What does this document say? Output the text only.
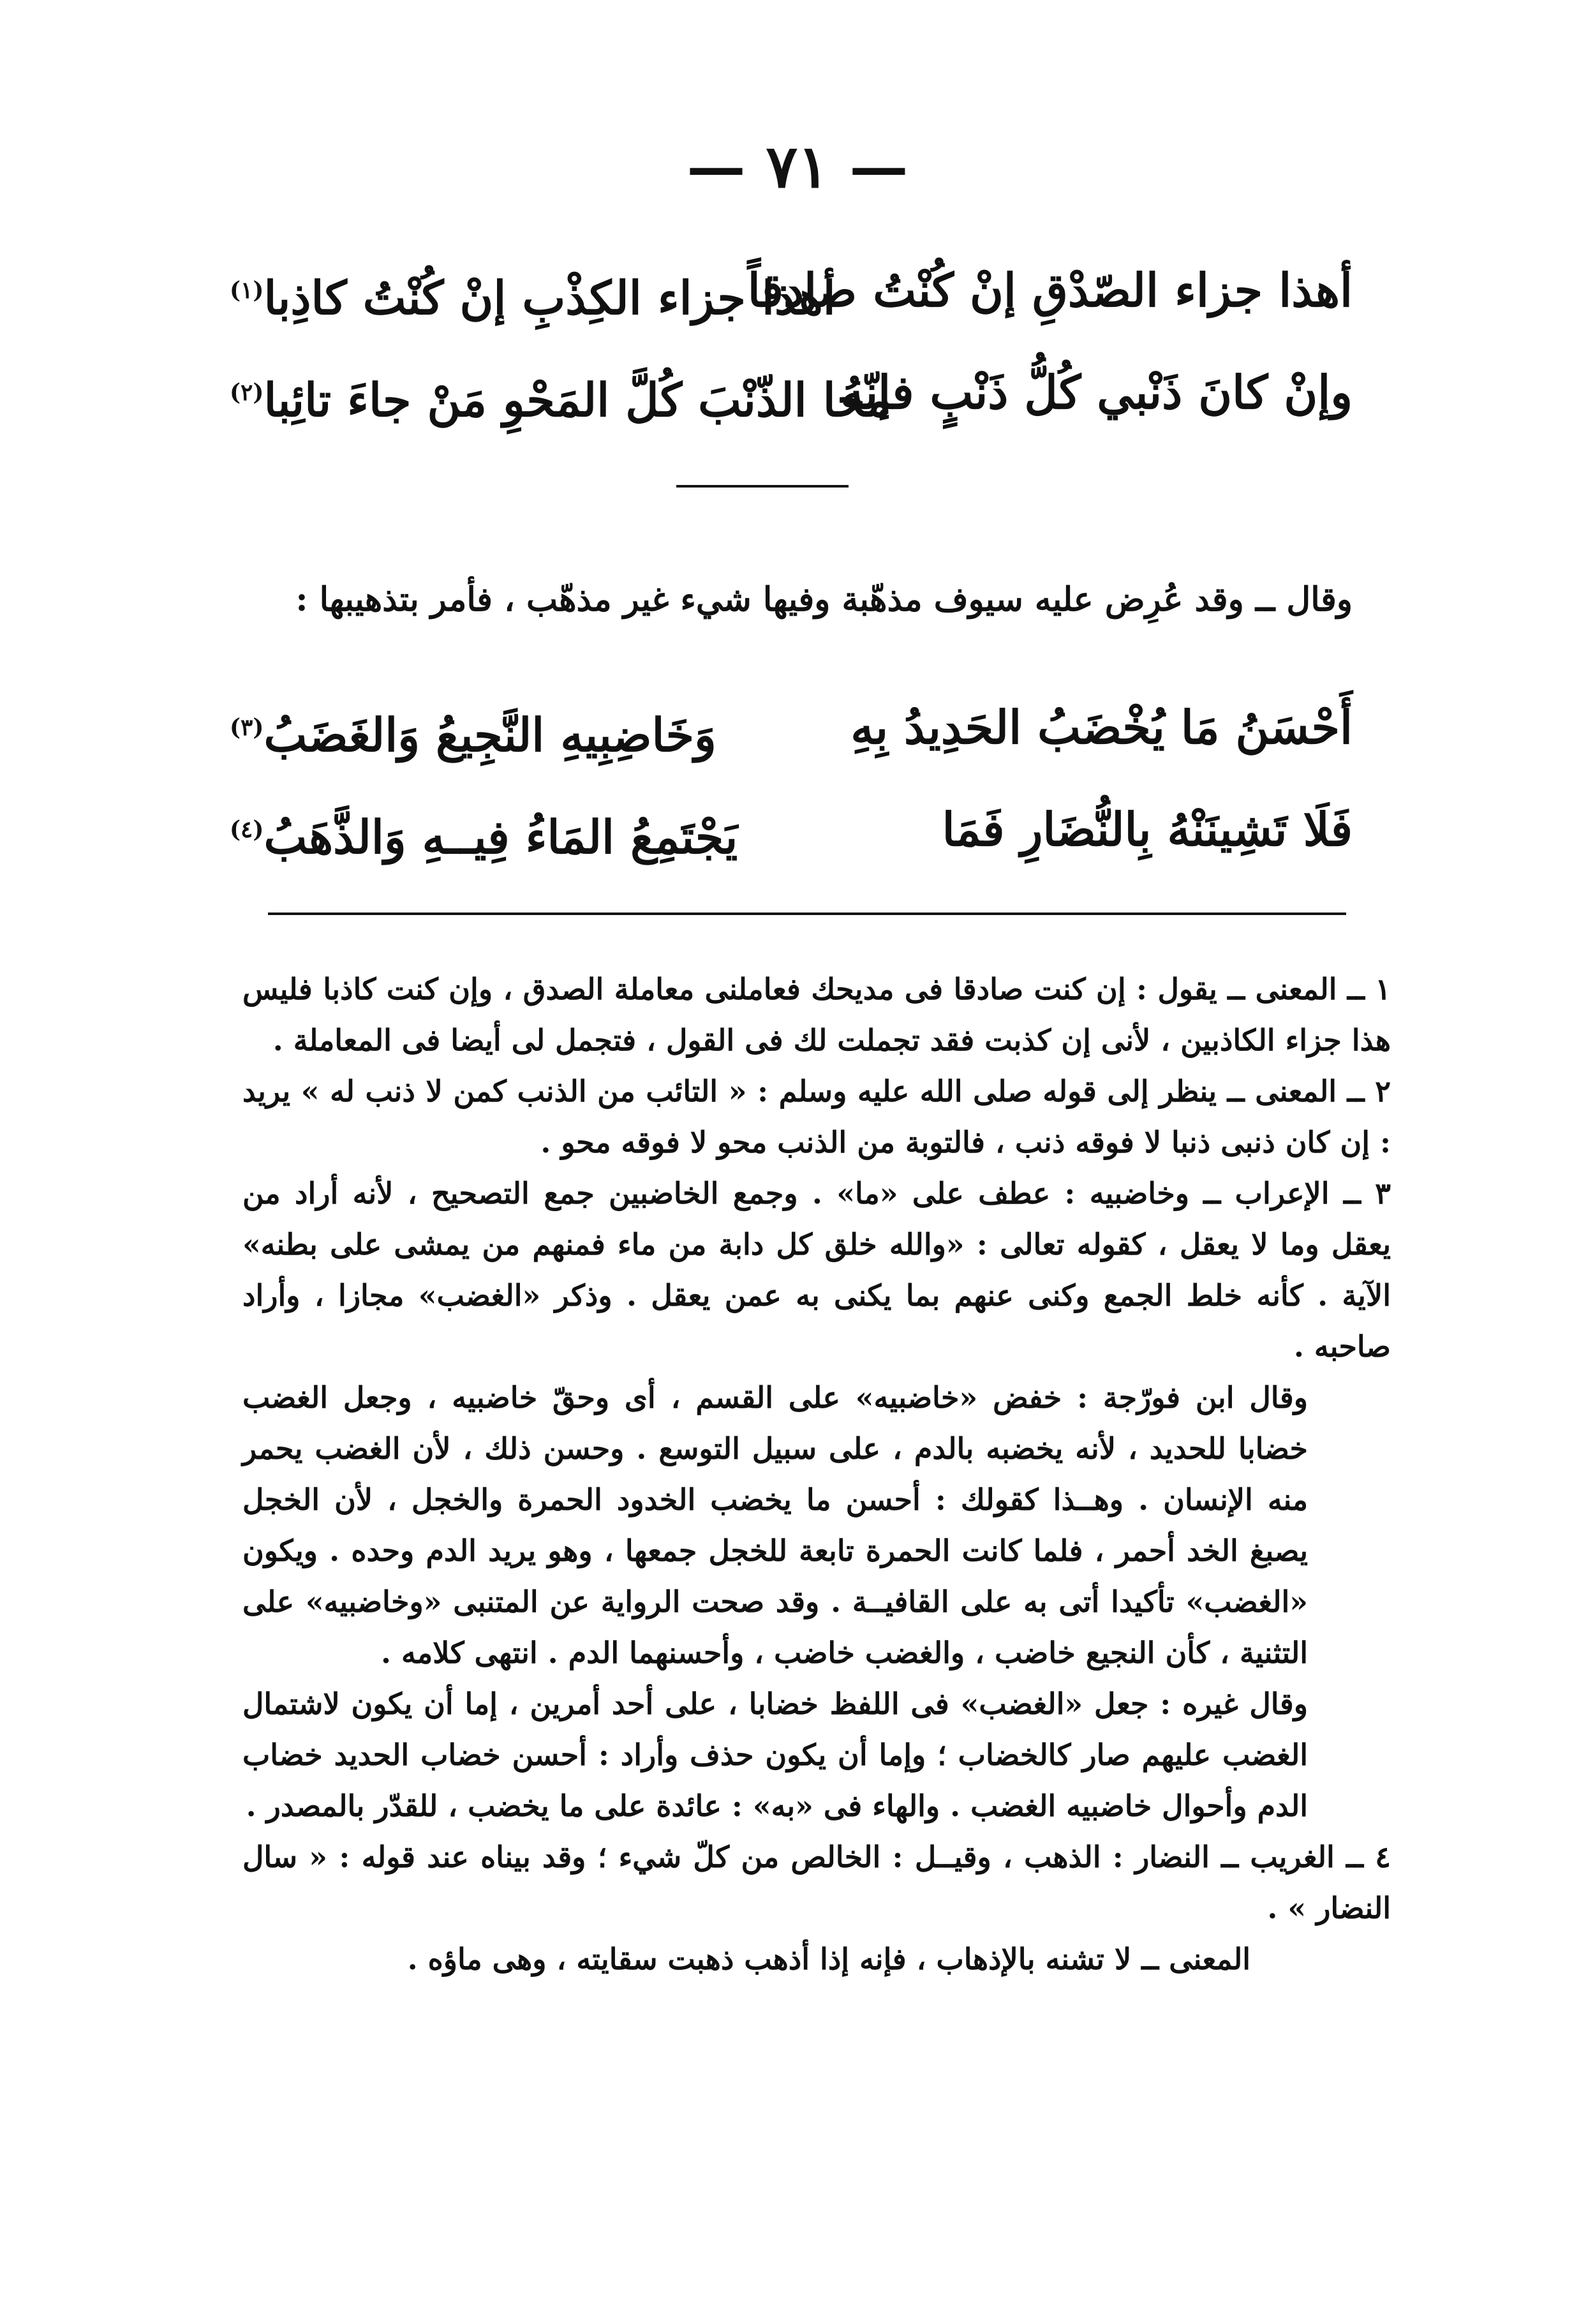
— ٧١ —
أهذا جزاء الصّدْقِ إنْ كُنْتُ صادقاً
أهذا جزاء الكِذْبِ إنْ كُنْتُ كاذِبا$^{(١)}$
وإنْ كانَ ذَنْبي كُلُّ ذَنْبٍ فإنّهُ
محا الذّنْبَ كُلَّ المَحْوِ مَنْ جاءَ تائِبا$^{(٢)}$
وقال ــ وقد عُرِض عليه سيوف مذهّبة وفيها شيء غير مذهّب ، فأمر بتذهيبها :
أَحْسَنُ مَا يُخْضَبُ الحَدِيدُ بِهِ
وَخَاضِبِيهِ النَّجِيعُ وَالغَضَبُ$^{(٣)}$
فَلَا تَشِينَنْهُ بِالنُّضَارِ فَمَا
يَجْتَمِعُ المَاءُ فِيــهِ وَالذَّهَبُ$^{(٤)}$

١ ــ المعنى ــ يقول : إن كنت صادقا فى مديحك فعاملنى معاملة الصدق ، وإن كنت كاذبا فليس هذا جزاء الكاذبين ، لأنى إن كذبت فقد تجملت لك فى القول ، فتجمل لى أيضا فى المعاملة .

٢ ــ المعنى ــ ينظر إلى قوله صلى الله عليه وسلم : « التائب من الذنب كمن لا ذنب له » يريد : إن كان ذنبى ذنبا لا فوقه ذنب ، فالتوبة من الذنب محو لا فوقه محو .

٣ ــ الإعراب ــ وخاضبيه : عطف على «ما» . وجمع الخاضبين جمع التصحيح ، لأنه أراد من يعقل وما لا يعقل ، كقوله تعالى : «والله خلق كل دابة من ماء فمنهم من يمشى على بطنه» الآية . كأنه خلط الجمع وكنى عنهم بما يكنى به عمن يعقل . وذكر «الغضب» مجازا ، وأراد صاحبه .

وقال ابن فورّجة : خفض «خاضبيه» على القسم ، أى وحقّ خاضبيه ، وجعل الغضب خضابا للحديد ، لأنه يخضبه بالدم ، على سبيل التوسع . وحسن ذلك ، لأن الغضب يحمر منه الإنسان . وهــذا كقولك : أحسن ما يخضب الخدود الحمرة والخجل ، لأن الخجل يصبغ الخد أحمر ، فلما كانت الحمرة تابعة للخجل جمعها ، وهو يريد الدم وحده . ويكون «الغضب» تأكيدا أتى به على القافيــة . وقد صحت الرواية عن المتنبى «وخاضبيه» على التثنية ، كأن النجيع خاضب ، والغضب خاضب ، وأحسنهما الدم . انتهى كلامه .

وقال غيره : جعل «الغضب» فى اللفظ خضابا ، على أحد أمرين ، إما أن يكون لاشتمال الغضب عليهم صار كالخضاب ؛ وإما أن يكون حذف وأراد : أحسن خضاب الحديد خضاب الدم وأحوال خاضبيه الغضب . والهاء فى «به» : عائدة على ما يخضب ، للقدّر بالمصدر .

٤ ــ الغريب ــ النضار : الذهب ، وقيــل : الخالص من كلّ شيء ؛ وقد بيناه عند قوله : « سال النضار » .

المعنى ــ لا تشنه بالإذهاب ، فإنه إذا أذهب ذهبت سقايته ، وهى ماؤه .
